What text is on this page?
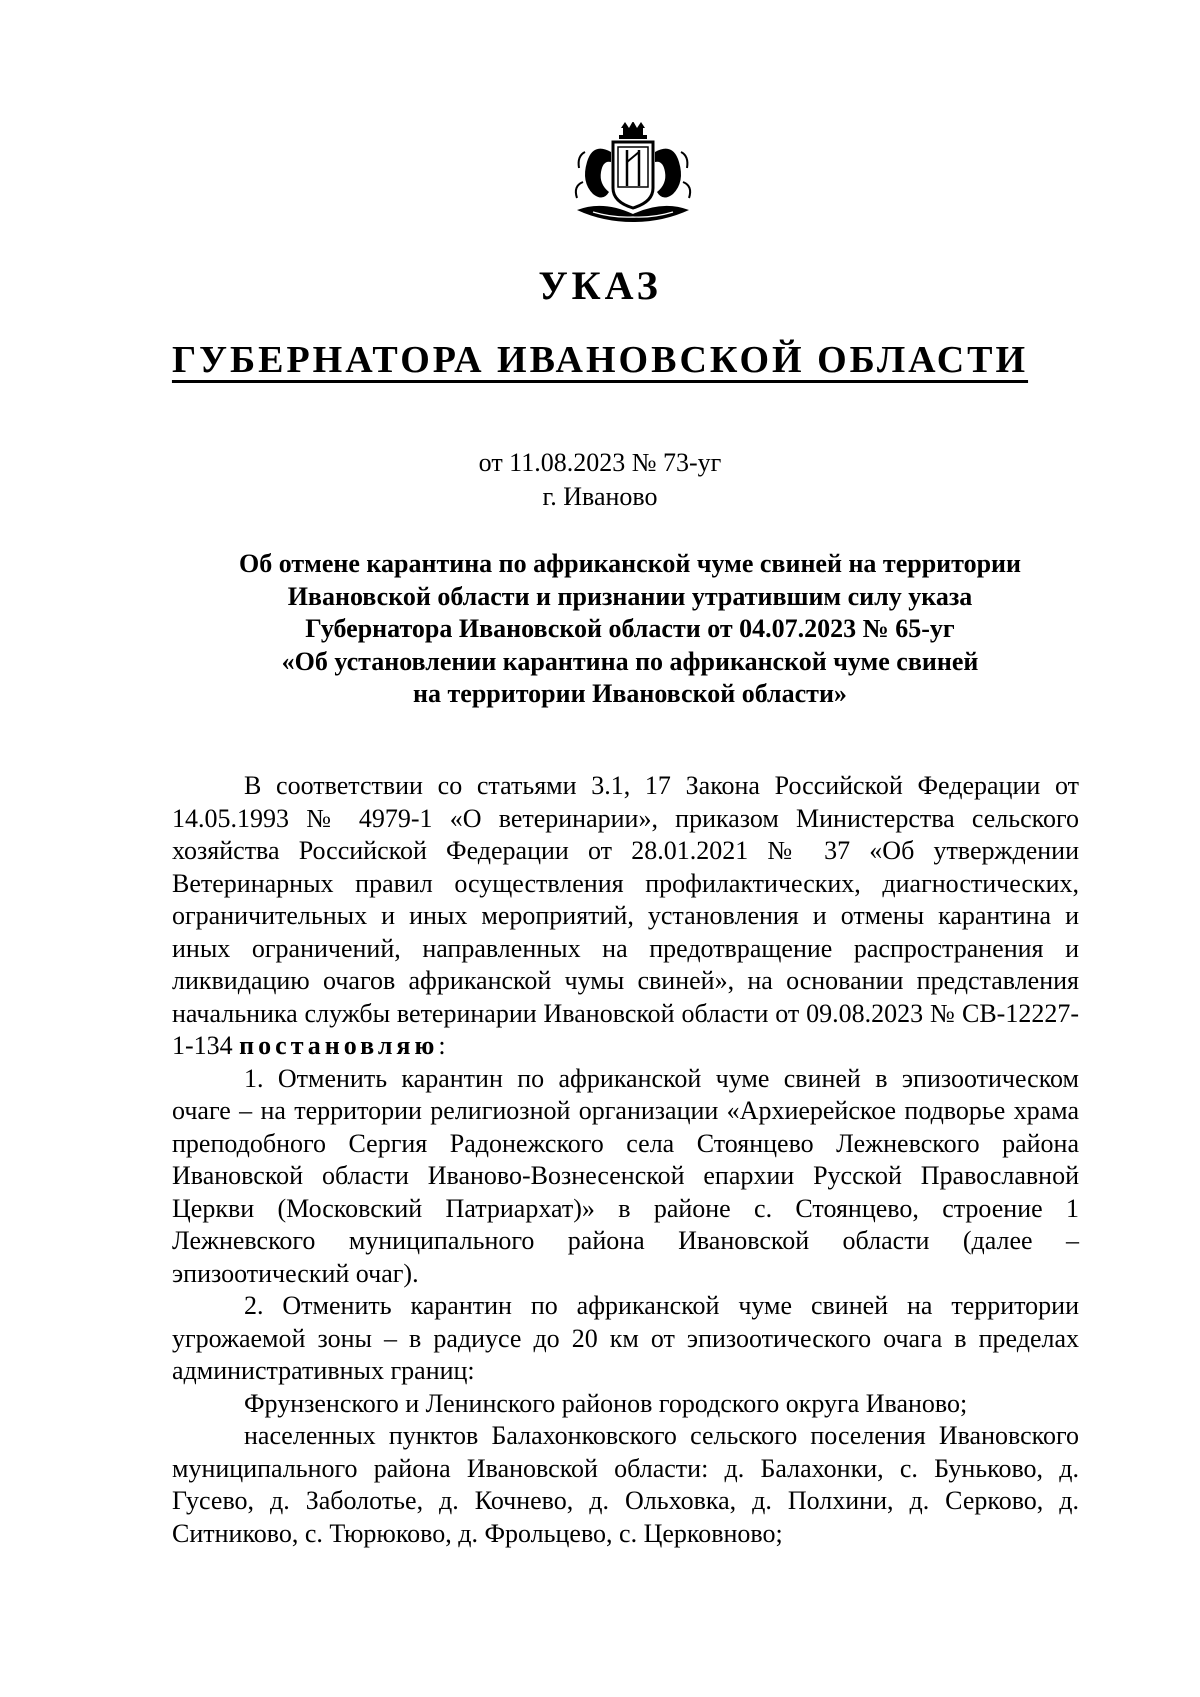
УКАЗ
ГУБЕРНАТОРА ИВАНОВСКОЙ ОБЛАСТИ
от 11.08.2023 № 73-уг
г. Иваново
Об отмене карантина по африканской чуме свиней на территории
Ивановской области и признании утратившим силу указа
Губернатора Ивановской области от 04.07.2023 № 65-уг
«Об установлении карантина по африканской чуме свиней
на территории Ивановской области»

В соответствии со статьями 3.1, 17 Закона Российской Федерации от 14.05.1993 № 4979-1 «О ветеринарии», приказом Министерства сельского хозяйства Российской Федерации от 28.01.2021 № 37 «Об утверждении Ветеринарных правил осуществления профилактических, диагностических, ограничительных и иных мероприятий, установления и отмены карантина и иных ограничений, направленных на предотвращение распространения и ликвидацию очагов африканской чумы свиней», на основании представления начальника службы ветеринарии Ивановской области от 09.08.2023 № СВ-12227-1-134 постановляю:

1. Отменить карантин по африканской чуме свиней в эпизоотическом очаге – на территории религиозной организации «Архиерейское подворье храма преподобного Сергия Радонежского села Стоянцево Лежневского района Ивановской области Иваново-Вознесенской епархии Русской Православной Церкви (Московский Патриархат)» в районе с. Стоянцево, строение 1 Лежневского муниципального района Ивановской области (далее – эпизоотический очаг).

2. Отменить карантин по африканской чуме свиней на территории угрожаемой зоны – в радиусе до 20 км от эпизоотического очага в пределах административных границ:

Фрунзенского и Ленинского районов городского округа Иваново;

населенных пунктов Балахонковского сельского поселения Ивановского муниципального района Ивановской области: д. Балахонки, с. Буньково, д. Гусево, д. Заболотье, д. Кочнево, д. Ольховка, д. Полхини, д. Серково, д. Ситниково, с. Тюрюково, д. Фрольцево, с. Церковново;
